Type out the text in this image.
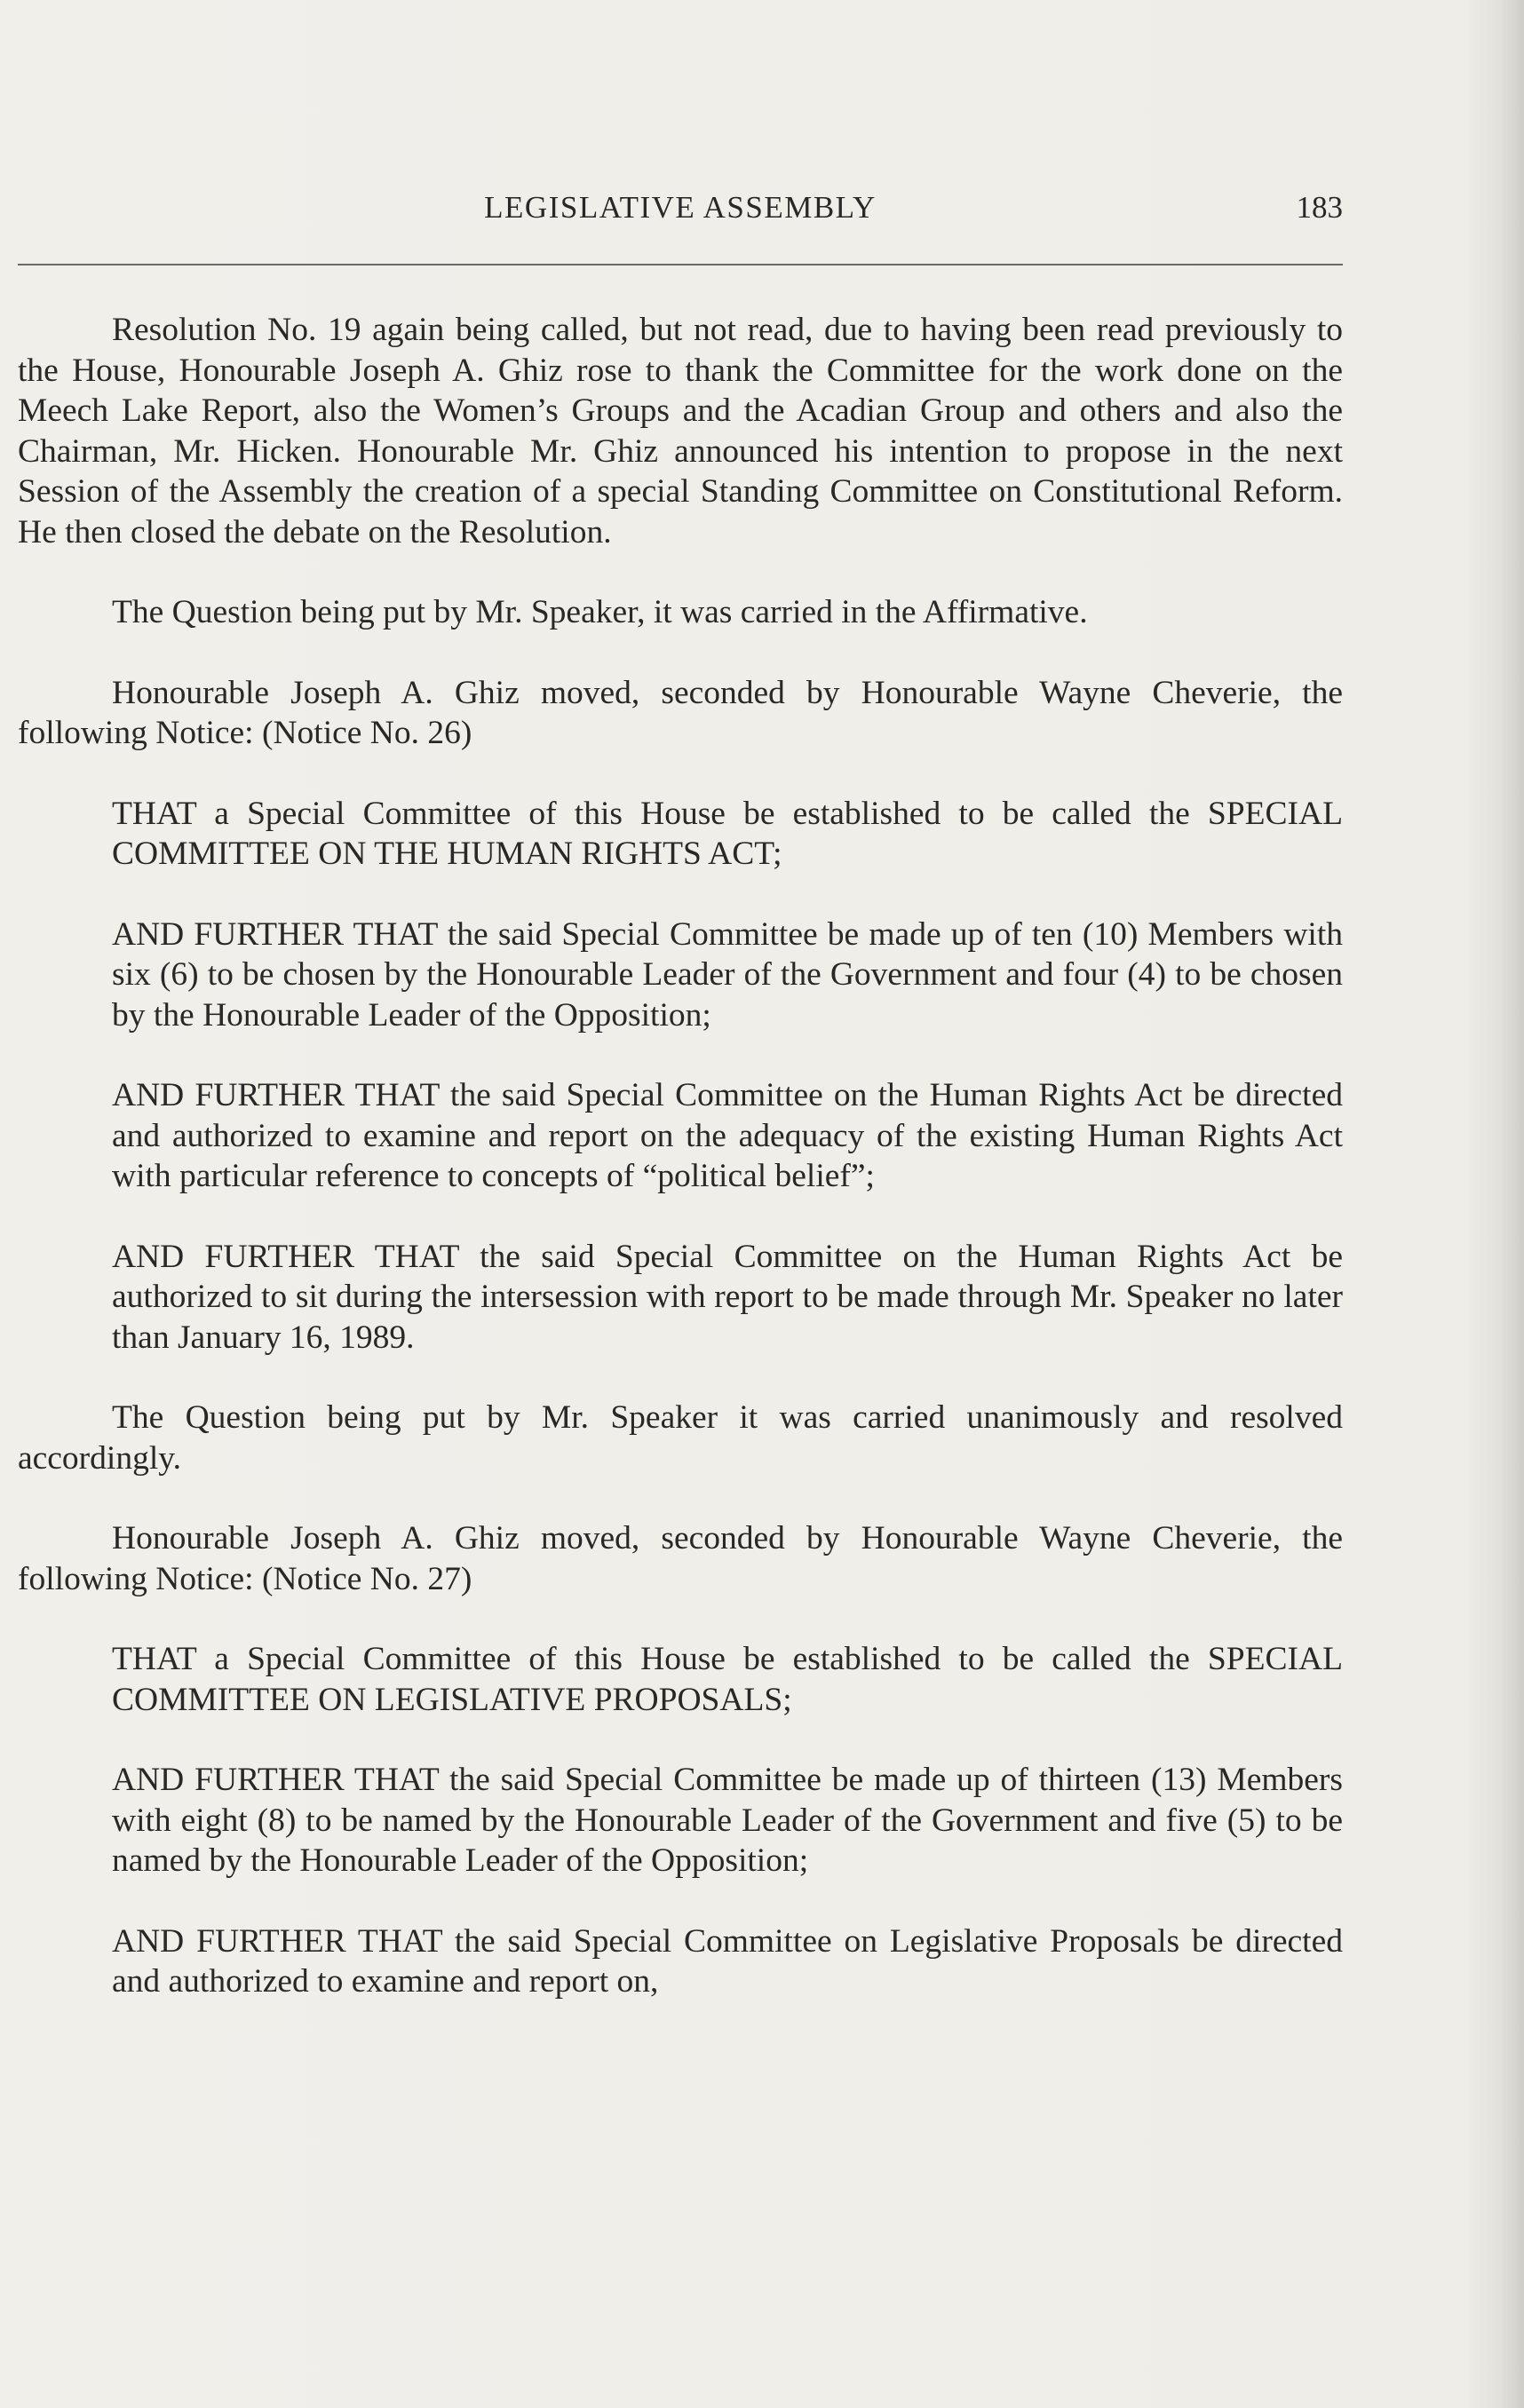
LEGISLATIVE ASSEMBLY	183

Resolution No. 19 again being called, but not read, due to having been read previously to the House, Honourable Joseph A. Ghiz rose to thank the Committee for the work done on the Meech Lake Report, also the Women’s Groups and the Acadian Group and others and also the Chairman, Mr. Hicken. Honourable Mr. Ghiz announced his intention to propose in the next Session of the Assembly the creation of a special Standing Committee on Constitutional Reform. He then closed the debate on the Resolution.

The Question being put by Mr. Speaker, it was carried in the Affirmative.

Honourable Joseph A. Ghiz moved, seconded by Honourable Wayne Cheverie, the following Notice: (Notice No. 26)

THAT a Special Committee of this House be established to be called the SPECIAL COMMITTEE ON THE HUMAN RIGHTS ACT;

AND FURTHER THAT the said Special Committee be made up of ten (10) Members with six (6) to be chosen by the Honourable Leader of the Government and four (4) to be chosen by the Honourable Leader of the Opposition;

AND FURTHER THAT the said Special Committee on the Human Rights Act be directed and authorized to examine and report on the adequacy of the existing Human Rights Act with particular reference to concepts of “political belief”;

AND FURTHER THAT the said Special Committee on the Human Rights Act be authorized to sit during the intersession with report to be made through Mr. Speaker no later than January 16, 1989.

The Question being put by Mr. Speaker it was carried unanimously and resolved accordingly.

Honourable Joseph A. Ghiz moved, seconded by Honourable Wayne Cheverie, the following Notice: (Notice No. 27)

THAT a Special Committee of this House be established to be called the SPECIAL COMMITTEE ON LEGISLATIVE PROPOSALS;

AND FURTHER THAT the said Special Committee be made up of thirteen (13) Members with eight (8) to be named by the Honourable Leader of the Government and five (5) to be named by the Honourable Leader of the Opposition;

AND FURTHER THAT the said Special Committee on Legislative Proposals be directed and authorized to examine and report on,
